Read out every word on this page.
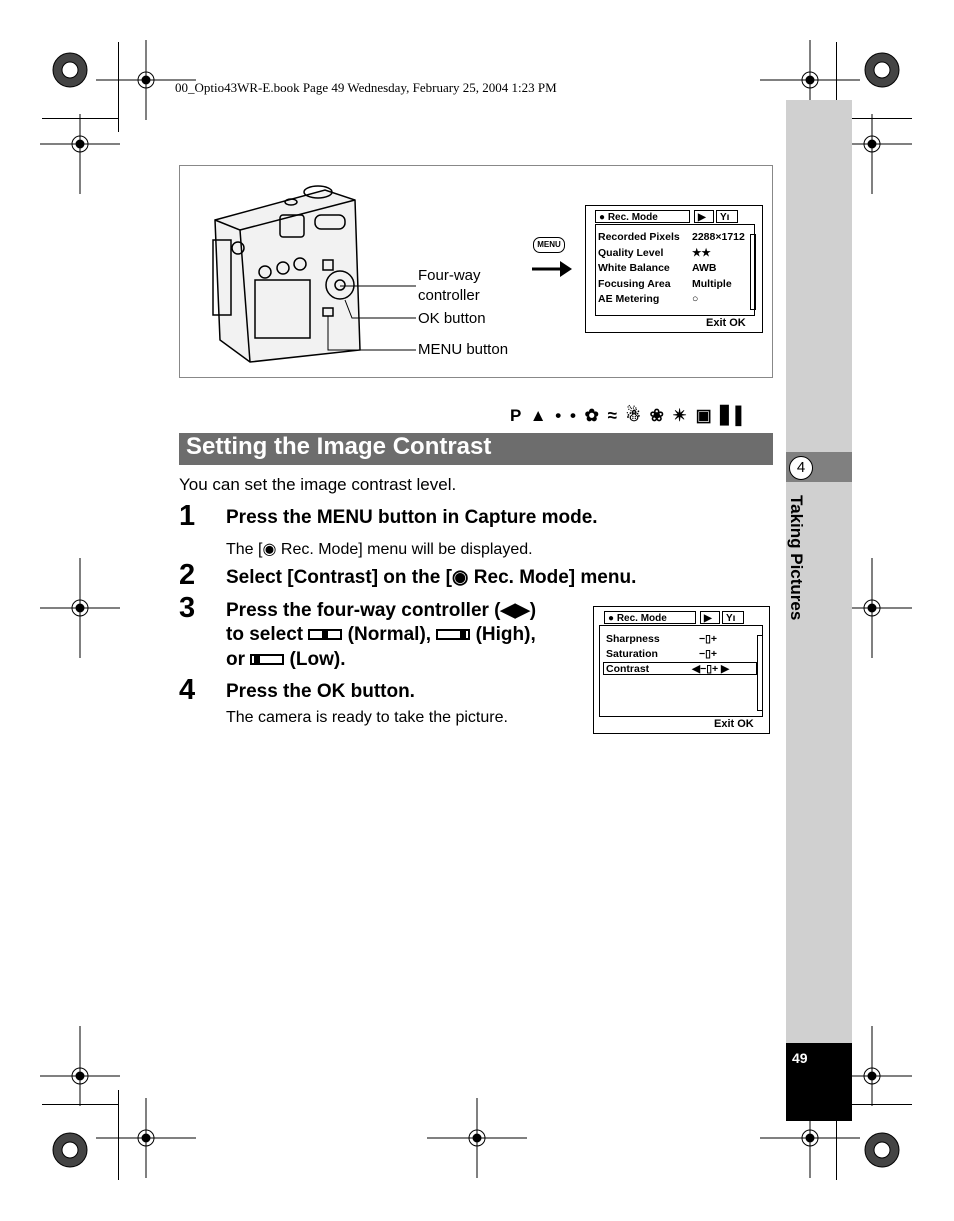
00_Optio43WR-E.book Page 49 Wednesday, February 25, 2004 1:23 PM
4
Taking Pictures
49
Four-way
controller
OK button
MENU button
MENU
● Rec. Mode	▶	Yı
Recorded Pixels 2288×1712
Quality Level	★★
White Balance AWB
Focusing Area Multiple
AE Metering	○
Exit OK
P ▲ • • ✿ ≈ ☃ ❀ ✴ ▣ ▋▌
Setting the Image Contrast
You can set the image contrast level.
1 Press the MENU button in Capture mode.
The [◉ Rec. Mode] menu will be displayed.
2 Select [Contrast] on the [◉ Rec. Mode] menu.
3 Press the four-way controller (◀▶)
to select
(Normal),
(High),
or
(Low).
4 Press the OK button.
The camera is ready to take the picture.
● Rec. Mode	▶	Yı
Sharpness	−▯+
Saturation	−▯+
Contrast	◀−▯+ ▶
Exit OK
